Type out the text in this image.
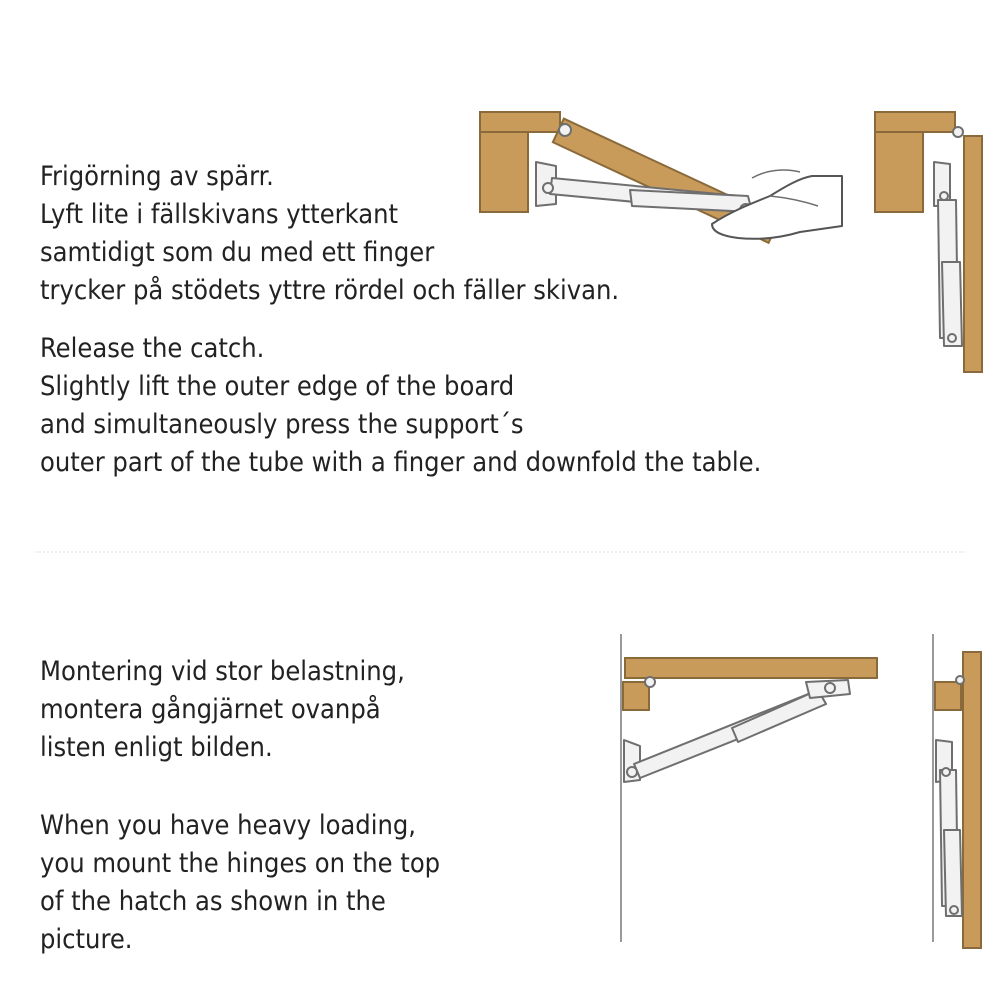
Frigörning av spärr.
Lyft lite i fällskivans ytterkant
samtidigt som du med ett finger
trycker på stödets yttre rördel och fäller skivan.
Release the catch.
Slightly lift the outer edge of the board
and simultaneously press the support´s
outer part of the tube with a finger and downfold the table.
Montering vid stor belastning,
montera gångjärnet ovanpå
listen enligt bilden.
When you have heavy loading,
you mount the hinges on the top
of the hatch as shown in the
picture.
